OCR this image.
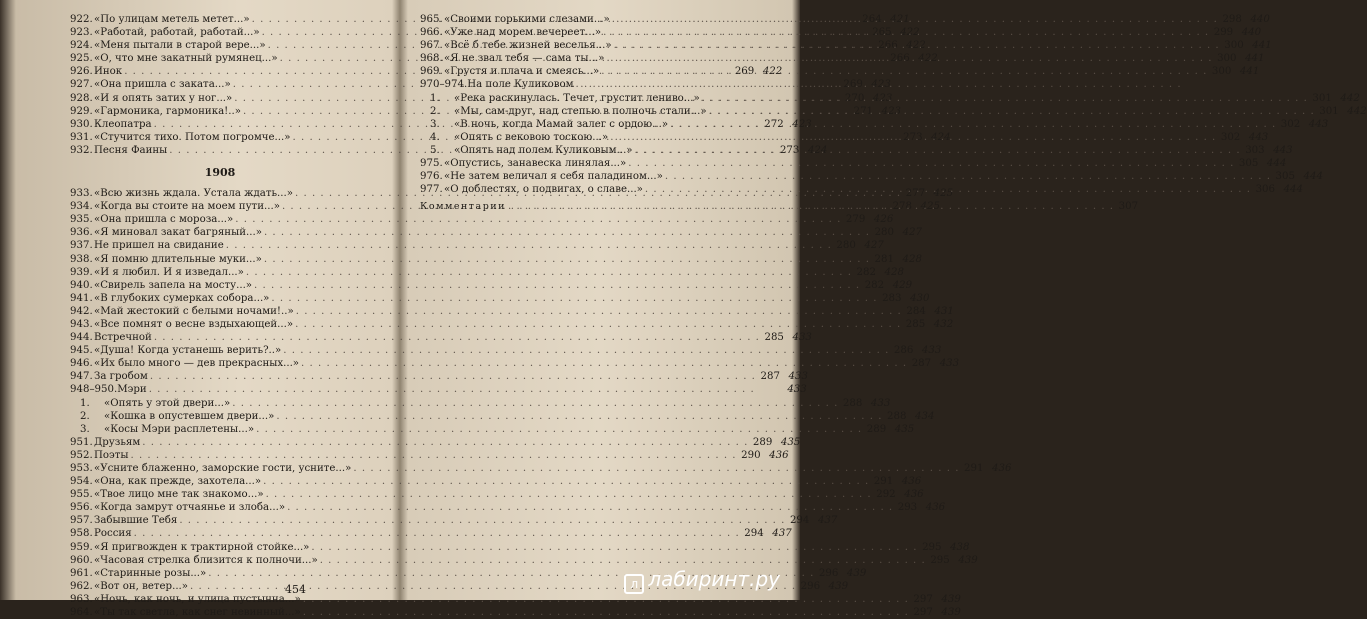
922. «По улицам метель метет...» . . .	264 421
923. «Работай, работай, работай...» . . .	265 422
924. «Меня пытали в старой вере...» . . .	266 422
925. «О, что мне закатный румянец...» . . .	266 422
926. Инок . . .	269 422
927. «Она пришла с заката...» . . .	269 423
928. «И я опять затих у ног...» . . .	270 423
929. «Гармоника, гармоника!..» . . .	271 423
930. Клеопатра . . .	272 423
931. «Стучится тихо. Потом погромче...» . . .	273 424
932. Песня Фаины . . .	273 424
1908
933. «Всю жизнь ждала. Устала ждать...» . . .	277 425
934. «Когда вы стоите на моем пути...» . . .	278 425
935. «Она пришла с мороза...» . . .	279 426
936. «Я миновал закат багряный...» . . .	280 427
937. Не пришел на свидание . . .	280 427
938. «Я помню длительные муки...» . . .	281 428
939. «И я любил. И я изведал...» . . .	282 428
940. «Свирель запела на мосту...» . . .	282 429
941. «В глубоких сумерках собора...» . . .	283 430
942. «Май жестокий с белыми ночами!..» . . .	284 431
943. «Все помнят о весне вздыхающей...» . . .	285 432
944. Встречной . . .	285 433
945. «Душа! Когда устанешь верить?..» . . .	286 433
946. «Их было много — дев прекрасных...» . . .	287 433
947. За гробом . . .	287 433
948–950. Мэри . . .	433
1.	«Опять у этой двери...» . . .	288 433
2.	«Кошка в опустевшем двери...» . . .	288 434
3.	«Косы Мэри расплетены...» . . .	289 435
951. Друзьям . . .	289 435
952. Поэты . . .	290 436
953. «Усните блаженно, заморские гости, усните...» . . .	291 436
954. «Она, как прежде, захотела...» . . .	291 436
955. «Твое лицо мне так знакомо...» . . .	292 436
956. «Когда замрут отчаянье и злоба...» . . .	293 436
957. Забывшие Тебя . . .	294 437
958. Россия . . .	294 437
959. «Я пригвожден к трактирной стойке...» . . .	295 438
960. «Часовая стрелка близится к полночи...» . . .	295 439
961. «Старинные розы...» . . .	296 439
962. «Вот он, ветер...» . . .	296 439
963. «Ночь, как ночь, и улица пустынна...» . . .	297 439
964. «Ты так светла, как снег невинный...» . . .	297 439
454
965. «Своими горькими слезами...» . . .	298 440
966. «Уже над морем вечереет...» . . .	299 440
967. «Всё б тебе жизней веселья...» . . .	300 441
968. «Я не звал тебя — сама ты...» . . .	300 441
969. «Грустя и плача и смеясь...» . . .	300 441
970–974. На поле Куликовом
. . .
1.	«Река раскинулась. Течет, грустит лениво...» . . .	301 442
2.	«Мы, сам-друг, над степью в полночь стали...» . . .	301 442
3.	«В ночь, когда Мамай залег с ордою...» . . .	302 443
4.	«Опять с вековою тоскою...» . . .	302 443
5.	«Опять над полем Куликовым...» . . .	303 443
975. «Опустись, занавеска линялая...» . . .	305 444
976. «Не затем величал я себя паладином...» . . .	305 444
977. «О доблестях, о подвигах, о славе...» . . .	306 444
Комментарии . . .	307
л лабиринт.ру
